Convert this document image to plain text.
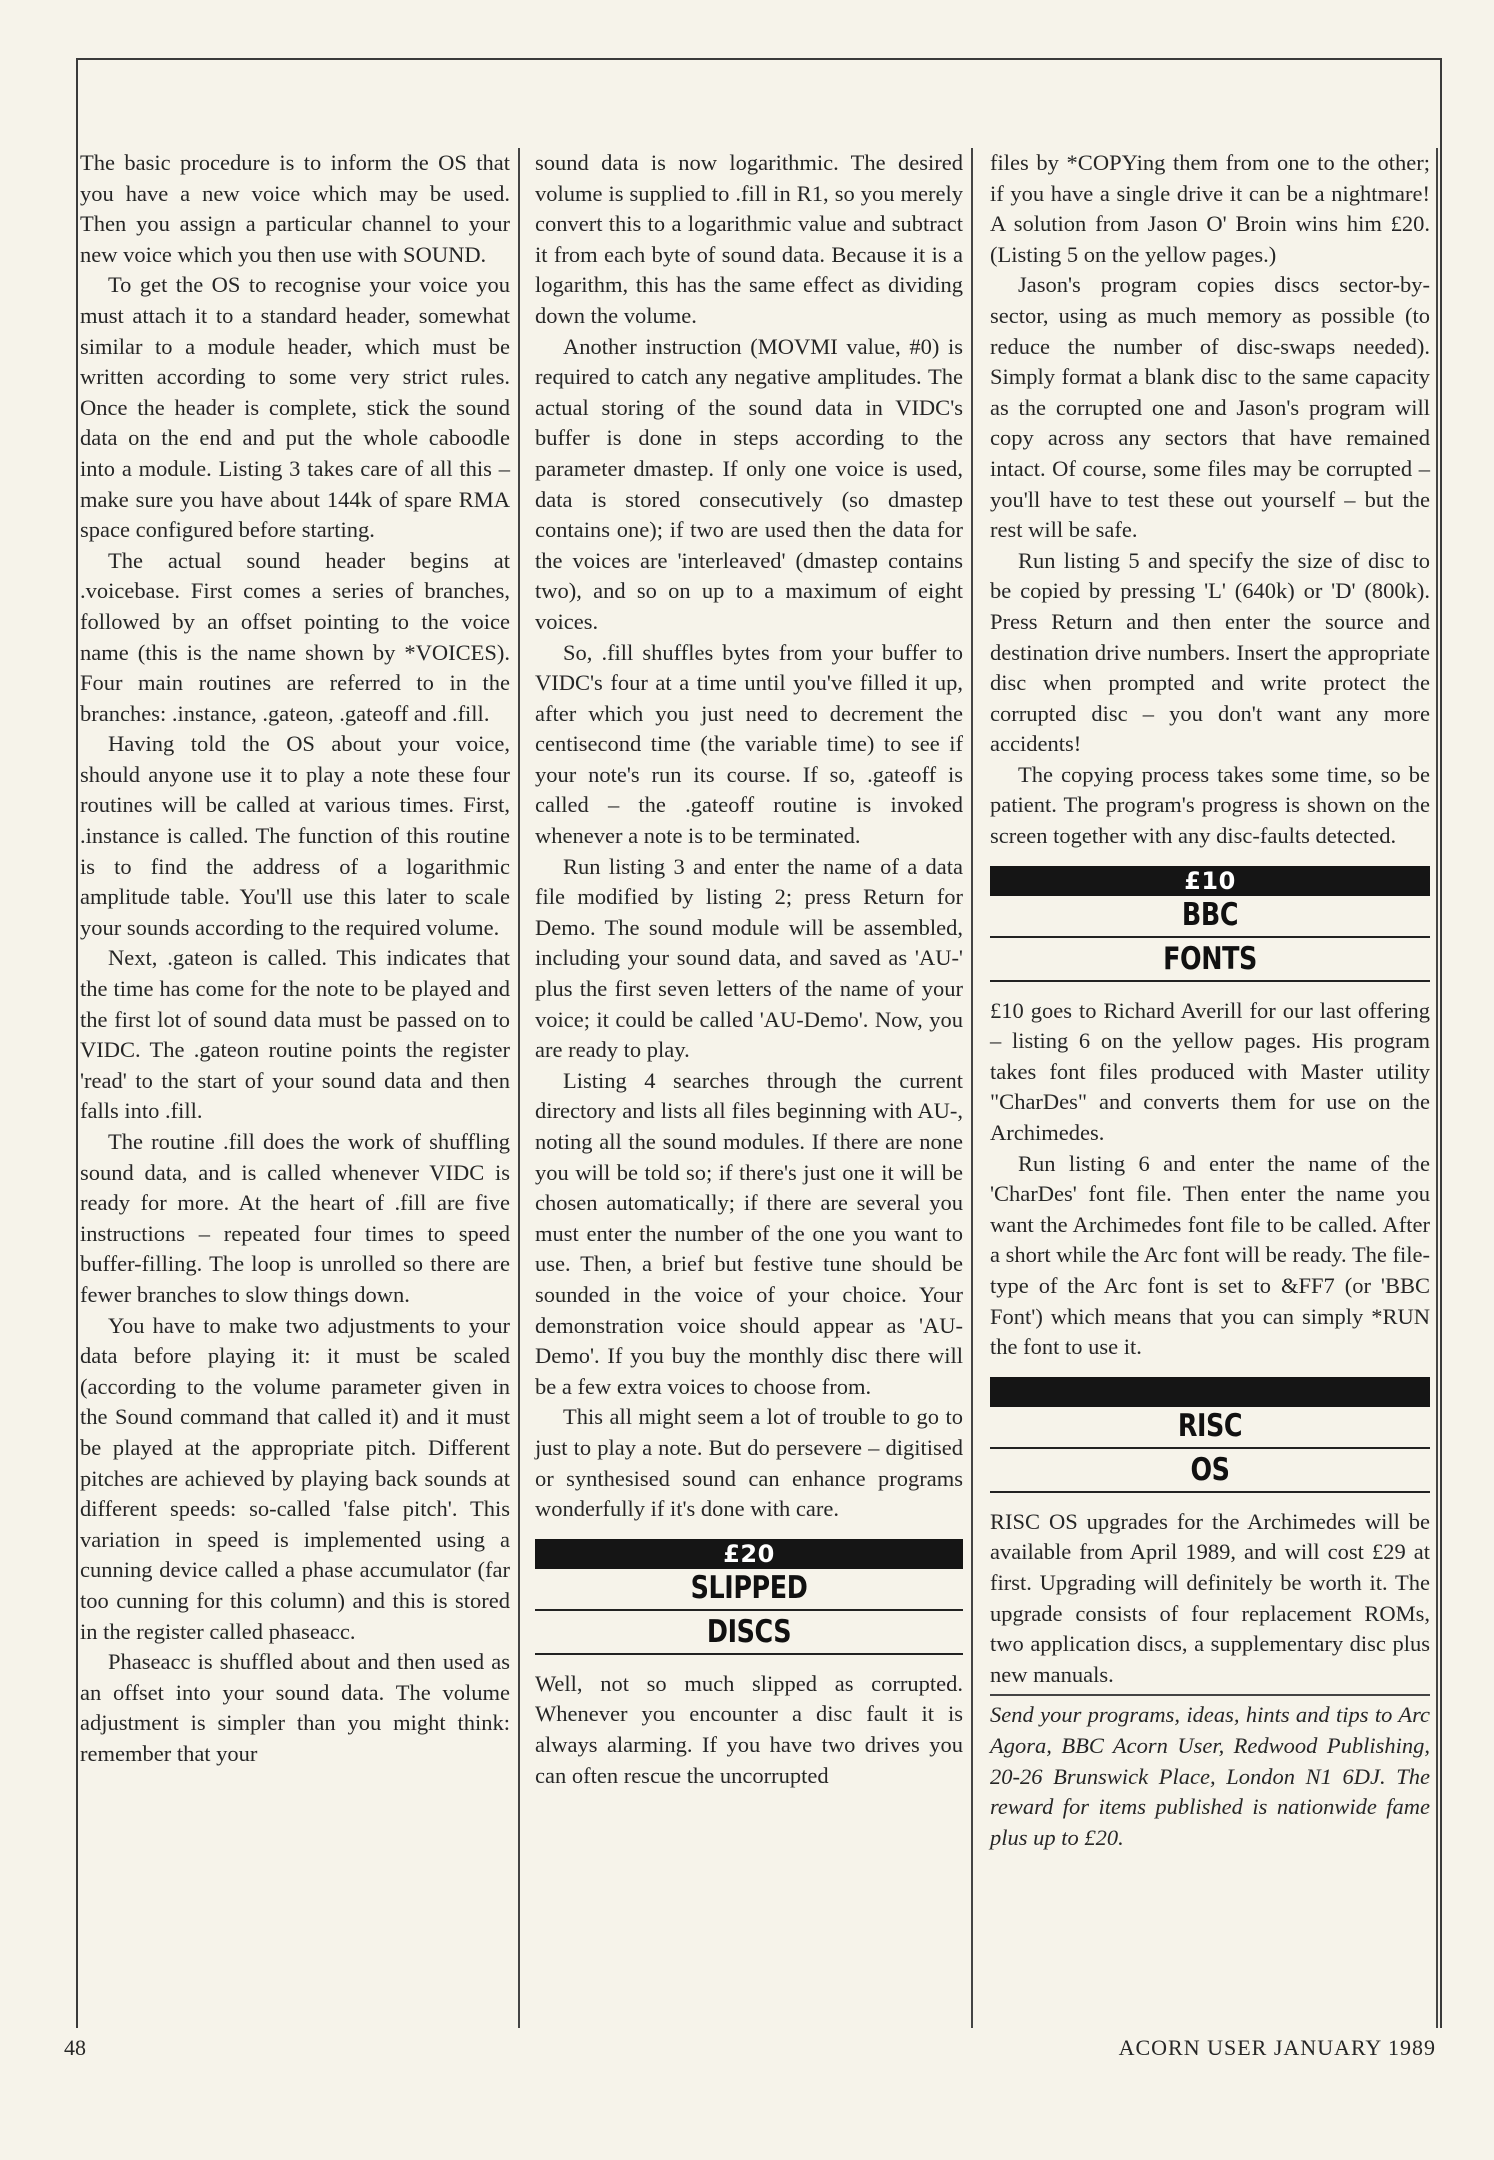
The basic procedure is to inform the OS that you have a new voice which may be used. Then you assign a particular channel to your new voice which you then use with SOUND.

To get the OS to recognise your voice you must attach it to a standard header, somewhat similar to a module header, which must be written according to some very strict rules. Once the header is complete, stick the sound data on the end and put the whole caboodle into a module. Listing 3 takes care of all this – make sure you have about 144k of spare RMA space configured before starting.

The actual sound header begins at .voicebase. First comes a series of branches, followed by an offset pointing to the voice name (this is the name shown by *VOICES). Four main routines are referred to in the branches: .instance, .gateon, .gateoff and .fill.

Having told the OS about your voice, should anyone use it to play a note these four routines will be called at various times. First, .instance is called. The function of this routine is to find the address of a logarithmic amplitude table. You'll use this later to scale your sounds according to the required volume.

Next, .gateon is called. This indicates that the time has come for the note to be played and the first lot of sound data must be passed on to VIDC. The .gateon routine points the register 'read' to the start of your sound data and then falls into .fill.

The routine .fill does the work of shuffling sound data, and is called whenever VIDC is ready for more. At the heart of .fill are five instructions – repeated four times to speed buffer-filling. The loop is unrolled so there are fewer branches to slow things down.

You have to make two adjustments to your data before playing it: it must be scaled (according to the volume parameter given in the Sound command that called it) and it must be played at the appropriate pitch. Different pitches are achieved by playing back sounds at different speeds: so-called 'false pitch'. This variation in speed is implemented using a cunning device called a phase accumulator (far too cunning for this column) and this is stored in the register called phaseacc.

Phaseacc is shuffled about and then used as an offset into your sound data. The volume adjustment is simpler than you might think: remember that your

sound data is now logarithmic. The desired volume is supplied to .fill in R1, so you merely convert this to a logarithmic value and subtract it from each byte of sound data. Because it is a logarithm, this has the same effect as dividing down the volume.

Another instruction (MOVMI value, #0) is required to catch any negative amplitudes. The actual storing of the sound data in VIDC's buffer is done in steps according to the parameter dmastep. If only one voice is used, data is stored consecutively (so dmastep contains one); if two are used then the data for the voices are 'interleaved' (dmastep contains two), and so on up to a maximum of eight voices.

So, .fill shuffles bytes from your buffer to VIDC's four at a time until you've filled it up, after which you just need to decrement the centisecond time (the variable time) to see if your note's run its course. If so, .gateoff is called – the .gateoff routine is invoked whenever a note is to be terminated.

Run listing 3 and enter the name of a data file modified by listing 2; press Return for Demo. The sound module will be assembled, including your sound data, and saved as 'AU-' plus the first seven letters of the name of your voice; it could be called 'AU-Demo'. Now, you are ready to play.

Listing 4 searches through the current directory and lists all files beginning with AU-, noting all the sound modules. If there are none you will be told so; if there's just one it will be chosen automatically; if there are several you must enter the number of the one you want to use. Then, a brief but festive tune should be sounded in the voice of your choice. Your demonstration voice should appear as 'AU-Demo'. If you buy the monthly disc there will be a few extra voices to choose from.

This all might seem a lot of trouble to go to just to play a note. But do persevere – digitised or synthesised sound can enhance programs wonderfully if it's done with care.

£20
SLIPPED
DISCS

Well, not so much slipped as corrupted. Whenever you encounter a disc fault it is always alarming. If you have two drives you can often rescue the uncorrupted

files by *COPYing them from one to the other; if you have a single drive it can be a nightmare! A solution from Jason O' Broin wins him £20. (Listing 5 on the yellow pages.)

Jason's program copies discs sector-by-sector, using as much memory as possible (to reduce the number of disc-swaps needed). Simply format a blank disc to the same capacity as the corrupted one and Jason's program will copy across any sectors that have remained intact. Of course, some files may be corrupted – you'll have to test these out yourself – but the rest will be safe.

Run listing 5 and specify the size of disc to be copied by pressing 'L' (640k) or 'D' (800k). Press Return and then enter the source and destination drive numbers. Insert the appropriate disc when prompted and write protect the corrupted disc – you don't want any more accidents!

The copying process takes some time, so be patient. The program's progress is shown on the screen together with any disc-faults detected.

£10
BBC
FONTS

£10 goes to Richard Averill for our last offering – listing 6 on the yellow pages. His program takes font files produced with Master utility "CharDes" and converts them for use on the Archimedes.

Run listing 6 and enter the name of the 'CharDes' font file. Then enter the name you want the Archimedes font file to be called. After a short while the Arc font will be ready. The file-type of the Arc font is set to &FF7 (or 'BBC Font') which means that you can simply *RUN the font to use it.

RISC
OS

RISC OS upgrades for the Archimedes will be available from April 1989, and will cost £29 at first. Upgrading will definitely be worth it. The upgrade consists of four replacement ROMs, two application discs, a supplementary disc plus new manuals.

Send your programs, ideas, hints and tips to Arc Agora, BBC Acorn User, Redwood Publishing, 20-26 Brunswick Place, London N1 6DJ. The reward for items published is nationwide fame plus up to £20.

48	ACORN USER JANUARY 1989
